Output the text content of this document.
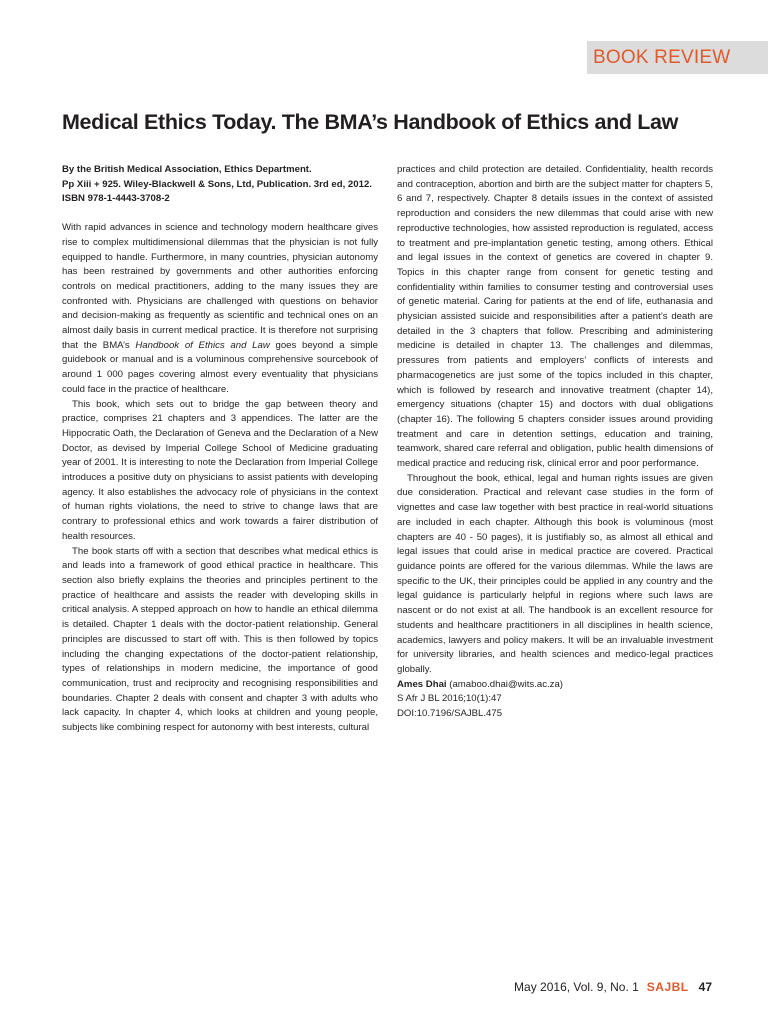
BOOK REVIEW
Medical Ethics Today. The BMA’s Handbook of Ethics and Law

By the British Medical Association, Ethics Department.
Pp Xiii + 925. Wiley-Blackwell & Sons, Ltd, Publication. 3rd ed, 2012.
ISBN 978-1-4443-3708-2

With rapid advances in science and technology modern healthcare gives rise to complex multidimensional dilemmas that the physician is not fully equipped to handle. Furthermore, in many countries, physician autonomy has been restrained by governments and other authorities enforcing controls on medical practitioners, adding to the many issues they are confronted with. Physicians are challenged with questions on behavior and decision-making as frequently as scientific and technical ones on an almost daily basis in current medical practice. It is therefore not surprising that the BMA’s Handbook of Ethics and Law goes beyond a simple guidebook or manual and is a voluminous comprehensive sourcebook of around 1 000 pages covering almost every eventuality that physicians could face in the practice of healthcare.

This book, which sets out to bridge the gap between theory and practice, comprises 21 chapters and 3 appendices. The latter are the Hippocratic Oath, the Declaration of Geneva and the Declaration of a New Doctor, as devised by Imperial College School of Medicine graduating year of 2001. It is interesting to note the Declaration from Imperial College introduces a positive duty on physicians to assist patients with developing agency. It also establishes the advocacy role of physicians in the context of human rights violations, the need to strive to change laws that are contrary to professional ethics and work towards a fairer distribution of health resources.

The book starts off with a section that describes what medical ethics is and leads into a framework of good ethical practice in healthcare. This section also briefly explains the theories and principles pertinent to the practice of healthcare and assists the reader with developing skills in critical analysis. A stepped approach on how to handle an ethical dilemma is detailed. Chapter 1 deals with the doctor-patient relationship. General principles are discussed to start off with. This is then followed by topics including the changing expectations of the doctor-patient relationship, types of relationships in modern medicine, the importance of good communication, trust and reciprocity and recognising responsibilities and boundaries. Chapter 2 deals with consent and chapter 3 with adults who lack capacity. In chapter 4, which looks at children and young people, subjects like combining respect for autonomy with best interests, cultural

practices and child protection are detailed. Confidentiality, health records and contraception, abortion and birth are the subject matter for chapters 5, 6 and 7, respectively. Chapter 8 details issues in the context of assisted reproduction and considers the new dilemmas that could arise with new reproductive technologies, how assisted reproduction is regulated, access to treatment and pre-implantation genetic testing, among others. Ethical and legal issues in the context of genetics are covered in chapter 9. Topics in this chapter range from consent for genetic testing and confidentiality within families to consumer testing and controversial uses of genetic material. Caring for patients at the end of life, euthanasia and physician assisted suicide and responsibilities after a patient’s death are detailed in the 3 chapters that follow. Prescribing and administering medicine is detailed in chapter 13. The challenges and dilemmas, pressures from patients and employers’ conflicts of interests and pharmacogenetics are just some of the topics included in this chapter, which is followed by research and innovative treatment (chapter 14), emergency situations (chapter 15) and doctors with dual obligations (chapter 16). The following 5 chapters consider issues around providing treatment and care in detention settings, education and training, teamwork, shared care referral and obligation, public health dimensions of medical practice and reducing risk, clinical error and poor performance.

Throughout the book, ethical, legal and human rights issues are given due consideration. Practical and relevant case studies in the form of vignettes and case law together with best practice in real-world situations are included in each chapter. Although this book is voluminous (most chapters are 40 - 50 pages), it is justifiably so, as almost all ethical and legal issues that could arise in medical practice are covered. Practical guidance points are offered for the various dilemmas. While the laws are specific to the UK, their principles could be applied in any country and the legal guidance is particularly helpful in regions where such laws are nascent or do not exist at all. The handbook is an excellent resource for students and healthcare practitioners in all disciplines in health science, academics, lawyers and policy makers. It will be an invaluable investment for university libraries, and health sciences and medico-legal practices globally.

Ames Dhai (amaboo.dhai@wits.ac.za)
S Afr J BL 2016;10(1):47
DOI:10.7196/SAJBL.475

May 2016, Vol. 9, No. 1 SAJBL 47
